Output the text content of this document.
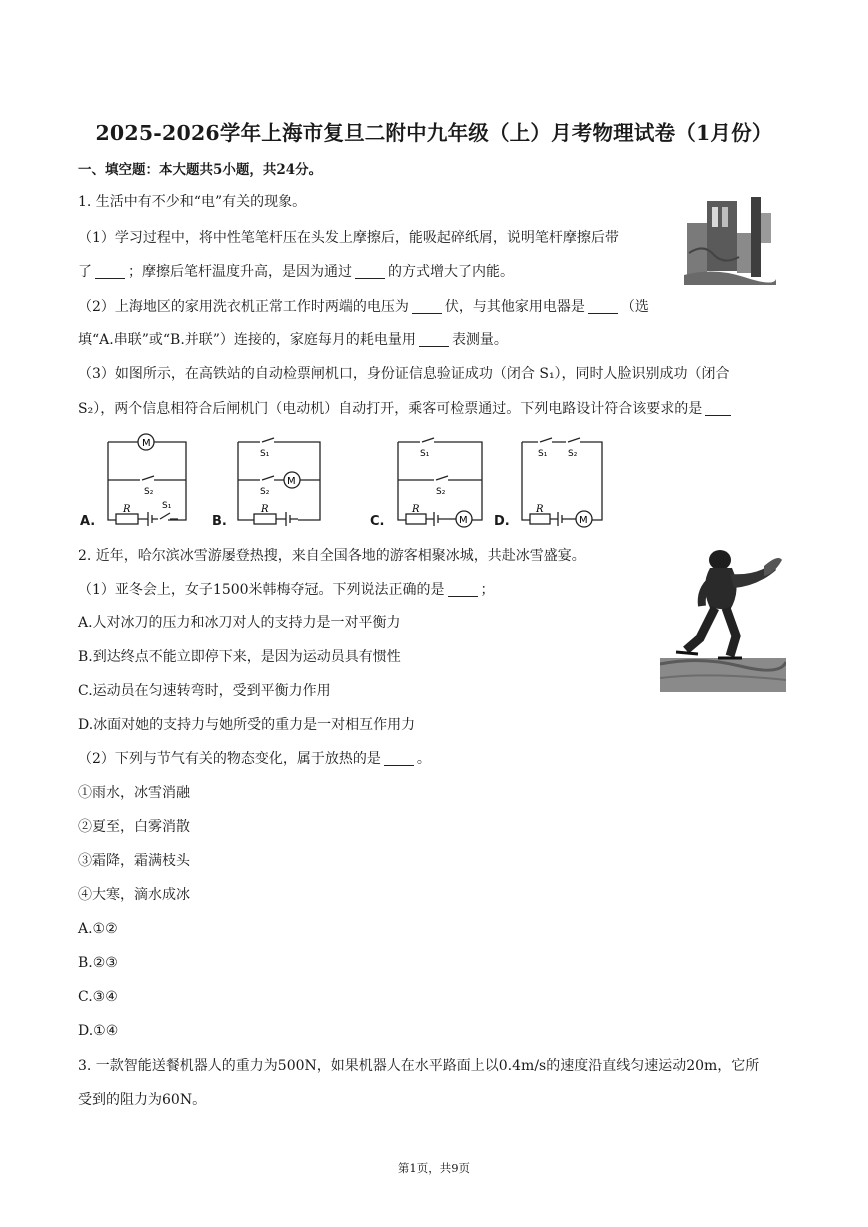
2025-2026学年上海市复旦二附中九年级（上）月考物理试卷（1月份）
一、填空题：本大题共5小题，共24分。
1. 生活中有不少和“电”有关的现象。
（1）学习过程中，将中性笔笔杆压在头发上摩擦后，能吸起碎纸屑，说明笔杆摩擦后带
了	；摩擦后笔杆温度升高，是因为通过	的方式增大了内能。
（2）上海地区的家用洗衣机正常工作时两端的电压为	伏，与其他家用电器是	（选
填“A.串联”或“B.并联”）连接的，家庭每月的耗电量用	表测量。
（3）如图所示，在高铁站的自动检票闸机口，身份证信息验证成功（闭合 S₁），同时人脸识别成功（闭合
S₂），两个信息相符合后闸机门（电动机）自动打开，乘客可检票通过。下列电路设计符合该要求的是
M
R
S₂
S₁
A.
M
R
S₁
S₂
B.	M
R
S₁
S₂
C.	M
R
S₁ S₂
D.
2. 近年，哈尔滨冰雪游屡登热搜，来自全国各地的游客相聚冰城，共赴冰雪盛宴。
（1）亚冬会上，女子1500米韩梅夺冠。下列说法正确的是	；
A.人对冰刀的压力和冰刀对人的支持力是一对平衡力
B.到达终点不能立即停下来，是因为运动员具有惯性
C.运动员在匀速转弯时，受到平衡力作用
D.冰面对她的支持力与她所受的重力是一对相互作用力
（2）下列与节气有关的物态变化，属于放热的是	。
①雨水，冰雪消融
②夏至，白雾消散
③霜降，霜满枝头
④大寒，滴水成冰
A.①②
B.②③
C.③④
D.①④
3. 一款智能送餐机器人的重力为500N，如果机器人在水平路面上以0.4m/s的速度沿直线匀速运动20m，它所
受到的阻力为60N。
第1页，共9页
